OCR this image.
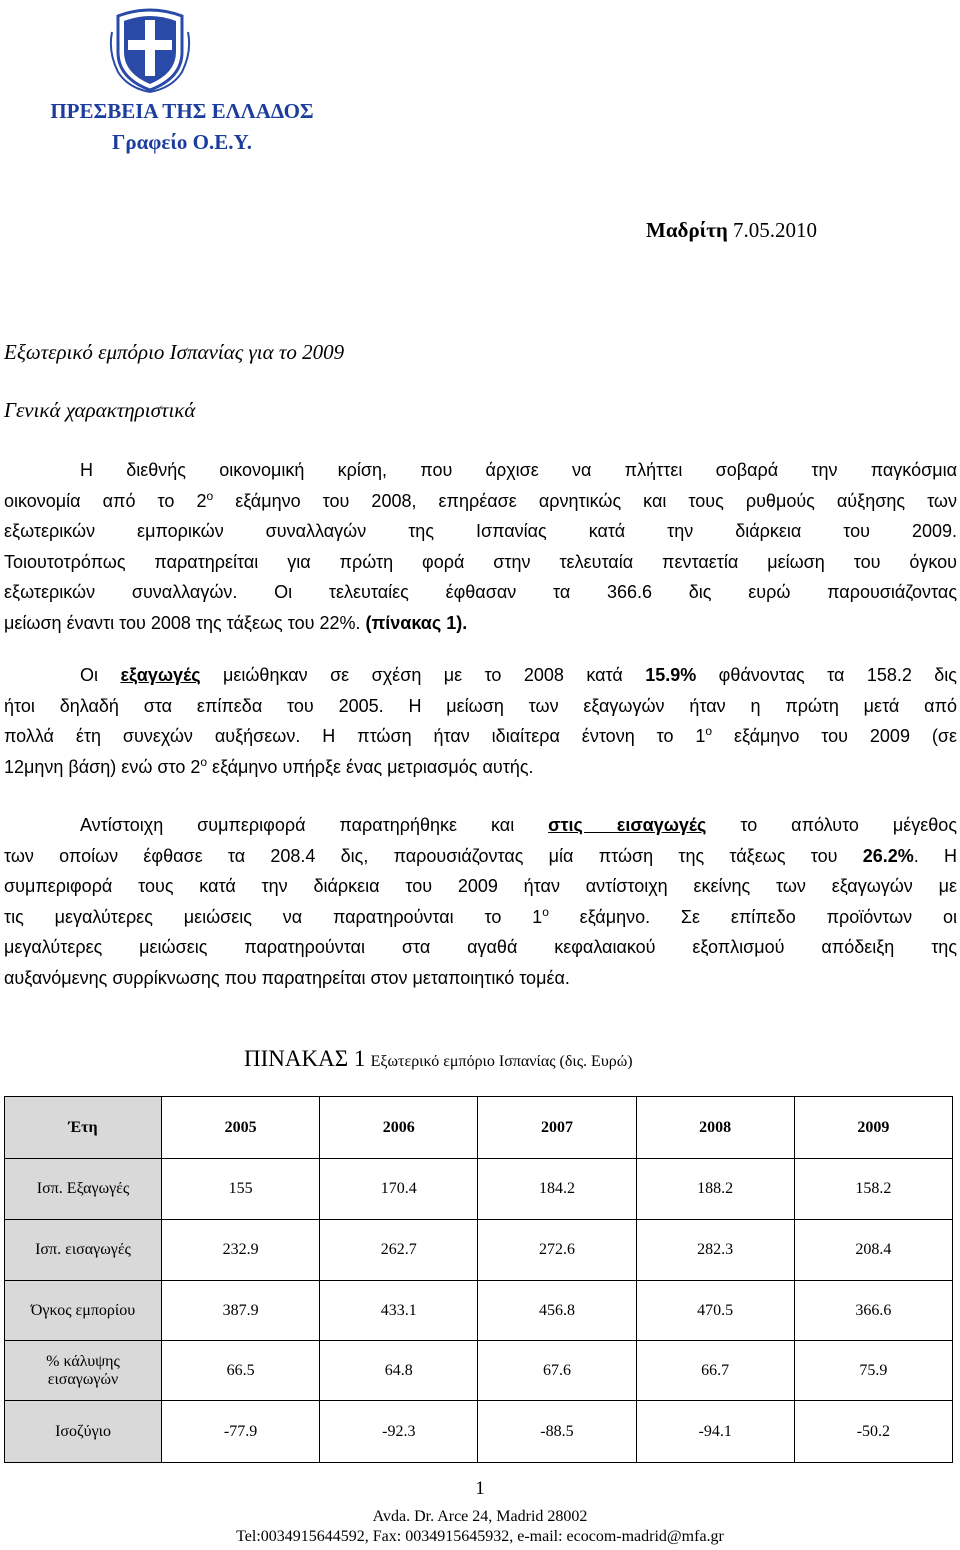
ΠΡΕΣΒΕΙΑ ΤΗΣ ΕΛΛΑΔΟΣ
Γραφείο Ο.Ε.Υ.
Μαδρίτη 7.05.2010
Εξωτερικό εμπόριο Ισπανίας για το 2009
Γενικά χαρακτηριστικά
Η διεθνής οικονομική κρίση, που άρχισε να πλήττει σοβαρά την παγκόσμια
οικονομία από το $2^o$ εξάμηνο του 2008, επηρέασε αρνητικώς και τους ρυθμούς αύξησης των
εξωτερικών εμπορικών συναλλαγών της Ισπανίας κατά την διάρκεια του 2009.
Τοιουτοτρόπως παρατηρείται για πρώτη φορά στην τελευταία πενταετία μείωση του όγκου
εξωτερικών συναλλαγών. Οι τελευταίες έφθασαν τα 366.6 δις ευρώ παρουσιάζοντας
μείωση έναντι του 2008 της τάξεως του 22%. (πίνακας 1).
Οι εξαγωγές μειώθηκαν σε σχέση με το 2008 κατά 15.9% φθάνοντας τα 158.2 δις
ήτοι δηλαδή στα επίπεδα του 2005. Η μείωση των εξαγωγών ήταν η πρώτη μετά από
πολλά έτη συνεχών αυξήσεων. Η πτώση ήταν ιδιαίτερα έντονη το $1^o$ εξάμηνο του 2009 (σε
12μηνη βάση) ενώ στο $2^o$ εξάμηνο υπήρξε ένας μετριασμός αυτής.
Αντίστοιχη συμπεριφορά παρατηρήθηκε και στις εισαγωγές το απόλυτο μέγεθος
των οποίων έφθασε τα 208.4 δις, παρουσιάζοντας μία πτώση της τάξεως του 26.2%. Η
συμπεριφορά τους κατά την διάρκεια του 2009 ήταν αντίστοιχη εκείνης των εξαγωγών με
τις μεγαλύτερες μειώσεις να παρατηρούνται το $1^o$ εξάμηνο. Σε επίπεδο προϊόντων οι
μεγαλύτερες μειώσεις παρατηρούνται στα αγαθά κεφαλαιακού εξοπλισμού απόδειξη της
αυξανόμενης συρρίκνωσης που παρατηρείται στον μεταποιητικό τομέα.
ΠΙΝΑΚΑΣ 1 Εξωτερικό εμπόριο Ισπανίας (δις. Ευρώ)
Έτη	2005	2006	2007	2008	2009
Ισπ. Εξαγωγές	155	170.4	184.2	188.2	158.2
Ισπ. εισαγωγές	232.9	262.7	272.6	282.3	208.4
Όγκος εμπορίου	387.9	433.1	456.8	470.5	366.6
% κάλυψης
εισαγωγών	66.5	64.8	67.6	66.7	75.9
Ισοζύγιο	-77.9	-92.3	-88.5	-94.1	-50.2
1
Avda. Dr. Arce 24, Madrid 28002
Tel:0034915644592, Fax: 0034915645932, e-mail: ecocom-madrid@mfa.gr
